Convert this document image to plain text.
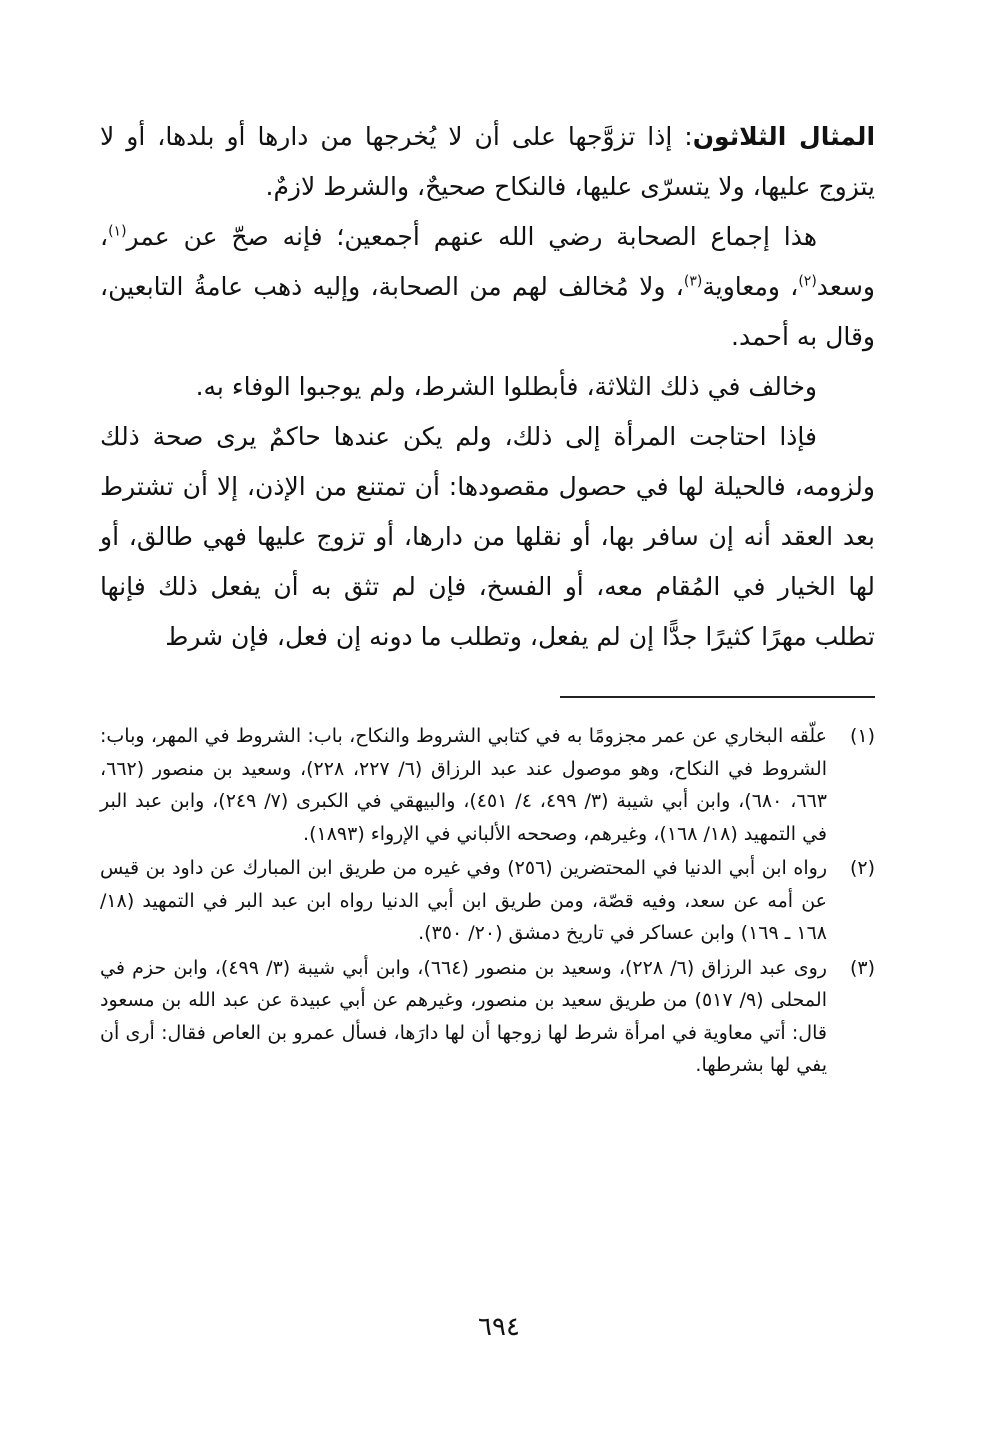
المثال الثلاثون: إذا تزوَّجها على أن لا يُخرجها من دارها أو بلدها، أو لا يتزوج عليها، ولا يتسرّى عليها، فالنكاح صحيحٌ، والشرط لازمٌ.

هذا إجماع الصحابة رضي الله عنهم أجمعين؛ فإنه صحّ عن عمر$^{(١)}$، وسعد$^{(٢)}$، ومعاوية$^{(٣)}$، ولا مُخالف لهم من الصحابة، وإليه ذهب عامةُ التابعين، وقال به أحمد.

وخالف في ذلك الثلاثة، فأبطلوا الشرط، ولم يوجبوا الوفاء به.

فإذا احتاجت المرأة إلى ذلك، ولم يكن عندها حاكمٌ يرى صحة ذلك ولزومه، فالحيلة لها في حصول مقصودها: أن تمتنع من الإذن، إلا أن تشترط بعد العقد أنه إن سافر بها، أو نقلها من دارها، أو تزوج عليها فهي طالق، أو لها الخيار في المُقام معه، أو الفسخ، فإن لم تثق به أن يفعل ذلك فإنها تطلب مهرًا كثيرًا جدًّا إن لم يفعل، وتطلب ما دونه إن فعل، فإن شرط

(١)
علّقه البخاري عن عمر مجزومًا به في كتابي الشروط والنكاح، باب: الشروط في المهر، وباب: الشروط في النكاح، وهو موصول عند عبد الرزاق (٦/ ٢٢٧، ٢٢٨)، وسعيد بن منصور (٦٦٢، ٦٦٣، ٦٨٠)، وابن أبي شيبة (٣/ ٤٩٩، ٤/ ٤٥١)، والبيهقي في الكبرى (٧/ ٢٤٩)، وابن عبد البر في التمهيد (١٨/ ١٦٨)، وغيرهم، وصححه الألباني في الإرواء (١٨٩٣).
(٢)
رواه ابن أبي الدنيا في المحتضرين (٢٥٦) وفي غيره من طريق ابن المبارك عن داود بن قيس عن أمه عن سعد، وفيه قصّة، ومن طريق ابن أبي الدنيا رواه ابن عبد البر في التمهيد (١٨/ ١٦٨ ـ ١٦٩) وابن عساكر في تاريخ دمشق (٢٠/ ٣٥٠).
(٣)
روى عبد الرزاق (٦/ ٢٢٨)، وسعيد بن منصور (٦٦٤)، وابن أبي شيبة (٣/ ٤٩٩)، وابن حزم في المحلى (٩/ ٥١٧) من طريق سعيد بن منصور، وغيرهم عن أبي عبيدة عن عبد الله بن مسعود قال: أتي معاوية في امرأة شرط لها زوجها أن لها دارَها، فسأل عمرو بن العاص فقال: أرى أن يفي لها بشرطها.
٦٩٤
